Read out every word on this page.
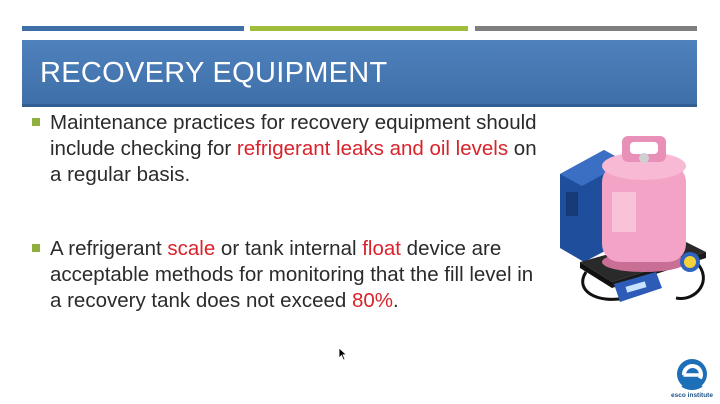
RECOVERY EQUIPMENT
Maintenance practices for recovery equipment should include checking for refrigerant leaks and oil levels on a regular basis.
A refrigerant scale or tank internal float device are acceptable methods for monitoring that the fill level in a recovery tank does not exceed 80%.
esco institute
